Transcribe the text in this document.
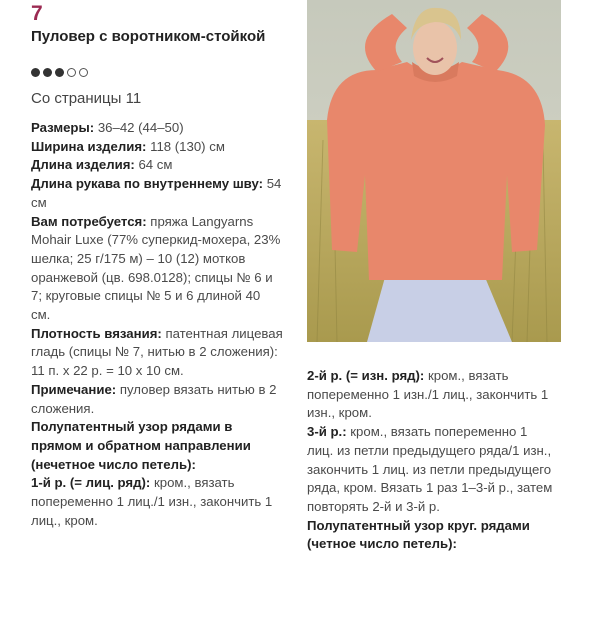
7
Пуловер с воротником-стойкой
Со страницы 11

Размеры: 36–42 (44–50)

Ширина изделия: 118 (130) см

Длина изделия: 64 см

Длина рукава по внутреннему шву: 54 см

Вам потребуется: пряжа Langyarns Mohair Luxe (77% суперкид-мохера, 23% шелка; 25 г/175 м) – 10 (12) мотков оранжевой (цв. 698.0128); спицы № 6 и 7; круговые спицы № 5 и 6 длиной 40 см.

Плотность вязания: патентная лицевая гладь (спицы № 7, нитью в 2 сложения): 11 п. x 22 р. = 10 x 10 см.

Примечание: пуловер вязать нитью в 2 сложения.

Полупатентный узор рядами в прямом и обратном направлении (нечетное число петель):

1-й р. (= лиц. ряд): кром., вязать попеременно 1 лиц./1 изн., закончить 1 лиц., кром.

2-й р. (= изн. ряд): кром., вязать попеременно 1 изн./1 лиц., закончить 1 изн., кром.

3-й р.: кром., вязать попеременно 1 лиц. из петли предыдущего ряда/1 изн., закончить 1 лиц. из петли предыдущего ряда, кром. Вязать 1 раз 1–3-й р., затем повторять 2-й и 3-й р.

Полупатентный узор круг. рядами (четное число петель):
